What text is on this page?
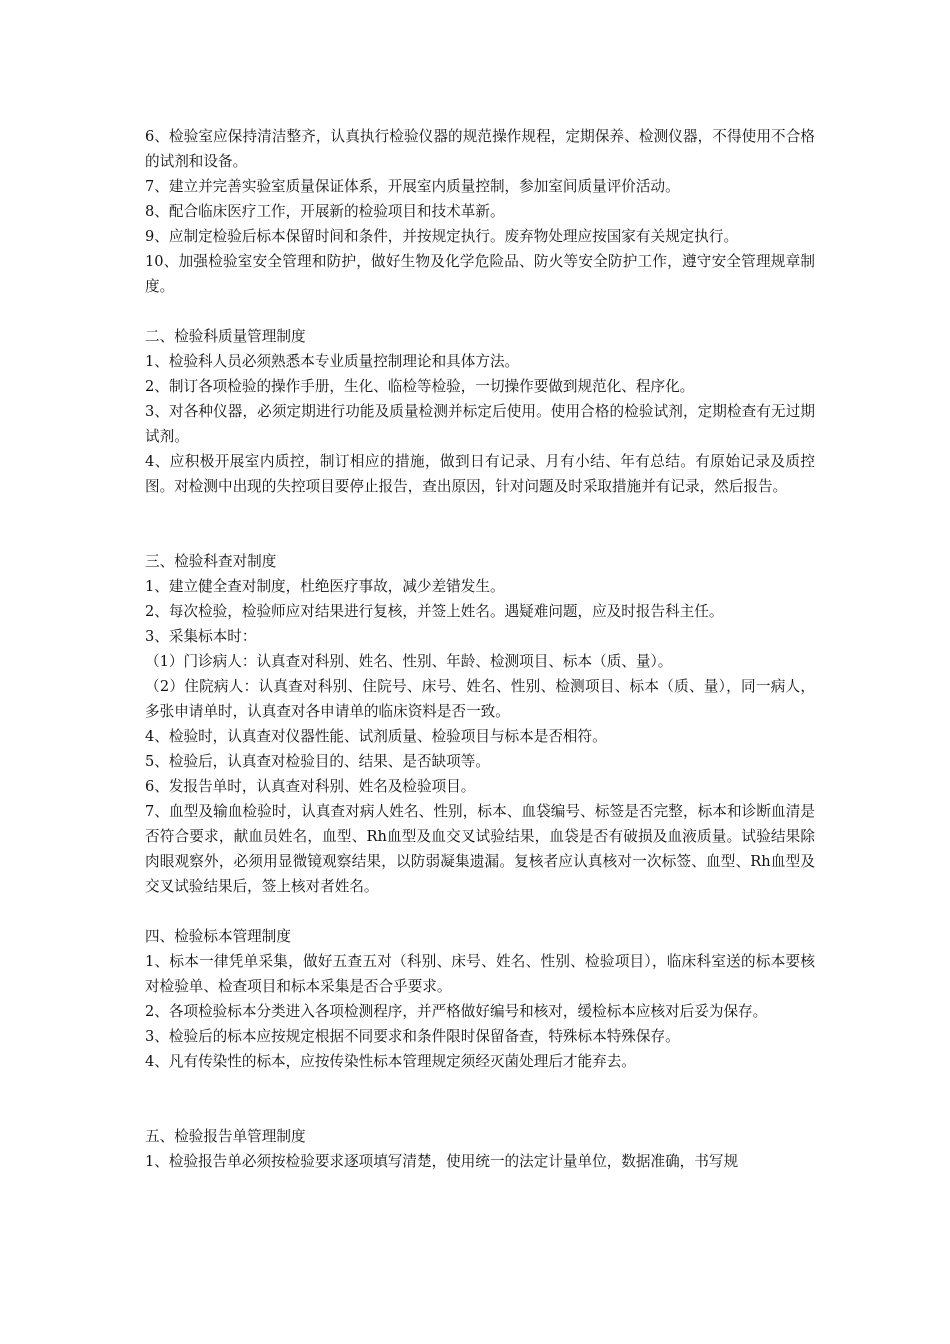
6、检验室应保持清洁整齐，认真执行检验仪器的规范操作规程，定期保养、检测仪器，不得使用不合格的试剂和设备。

7、建立并完善实验室质量保证体系，开展室内质量控制，参加室间质量评价活动。

8、配合临床医疗工作，开展新的检验项目和技术革新。

9、应制定检验后标本保留时间和条件，并按规定执行。废弃物处理应按国家有关规定执行。

10、加强检验室安全管理和防护，做好生物及化学危险品、防火等安全防护工作，遵守安全管理规章制度。

二、检验科质量管理制度

1、检验科人员必须熟悉本专业质量控制理论和具体方法。

2、制订各项检验的操作手册，生化、临检等检验，一切操作要做到规范化、程序化。

3、对各种仪器，必须定期进行功能及质量检测并标定后使用。使用合格的检验试剂，定期检查有无过期试剂。

4、应积极开展室内质控，制订相应的措施，做到日有记录、月有小结、年有总结。有原始记录及质控图。对检测中出现的失控项目要停止报告，查出原因，针对问题及时采取措施并有记录，然后报告。

三、检验科查对制度

1、建立健全查对制度，杜绝医疗事故，减少差错发生。

2、每次检验，检验师应对结果进行复核，并签上姓名。遇疑难问题，应及时报告科主任。

3、采集标本时：

（1）门诊病人：认真查对科别、姓名、性别、年龄、检测项目、标本（质、量）。

（2）住院病人：认真查对科别、住院号、床号、姓名、性别、检测项目、标本（质、量），同一病人，多张申请单时，认真查对各申请单的临床资料是否一致。

4、检验时，认真查对仪器性能、试剂质量、检验项目与标本是否相符。

5、检验后，认真查对检验目的、结果、是否缺项等。

6、发报告单时，认真查对科别、姓名及检验项目。

7、血型及输血检验时，认真查对病人姓名、性别，标本、血袋编号、标签是否完整，标本和诊断血清是否符合要求，献血员姓名，血型、Rh血型及血交叉试验结果，血袋是否有破损及血液质量。试验结果除肉眼观察外，必须用显微镜观察结果，以防弱凝集遗漏。复核者应认真核对一次标签、血型、Rh血型及交叉试验结果后，签上核对者姓名。

四、检验标本管理制度

1、标本一律凭单采集，做好五查五对（科别、床号、姓名、性别、检验项目），临床科室送的标本要核对检验单、检查项目和标本采集是否合乎要求。

2、各项检验标本分类进入各项检测程序，并严格做好编号和核对，缓检标本应核对后妥为保存。

3、检验后的标本应按规定根据不同要求和条件限时保留备查，特殊标本特殊保存。

4、凡有传染性的标本，应按传染性标本管理规定须经灭菌处理后才能弃去。

五、检验报告单管理制度

1、检验报告单必须按检验要求逐项填写清楚，使用统一的法定计量单位，数据准确，书写规
